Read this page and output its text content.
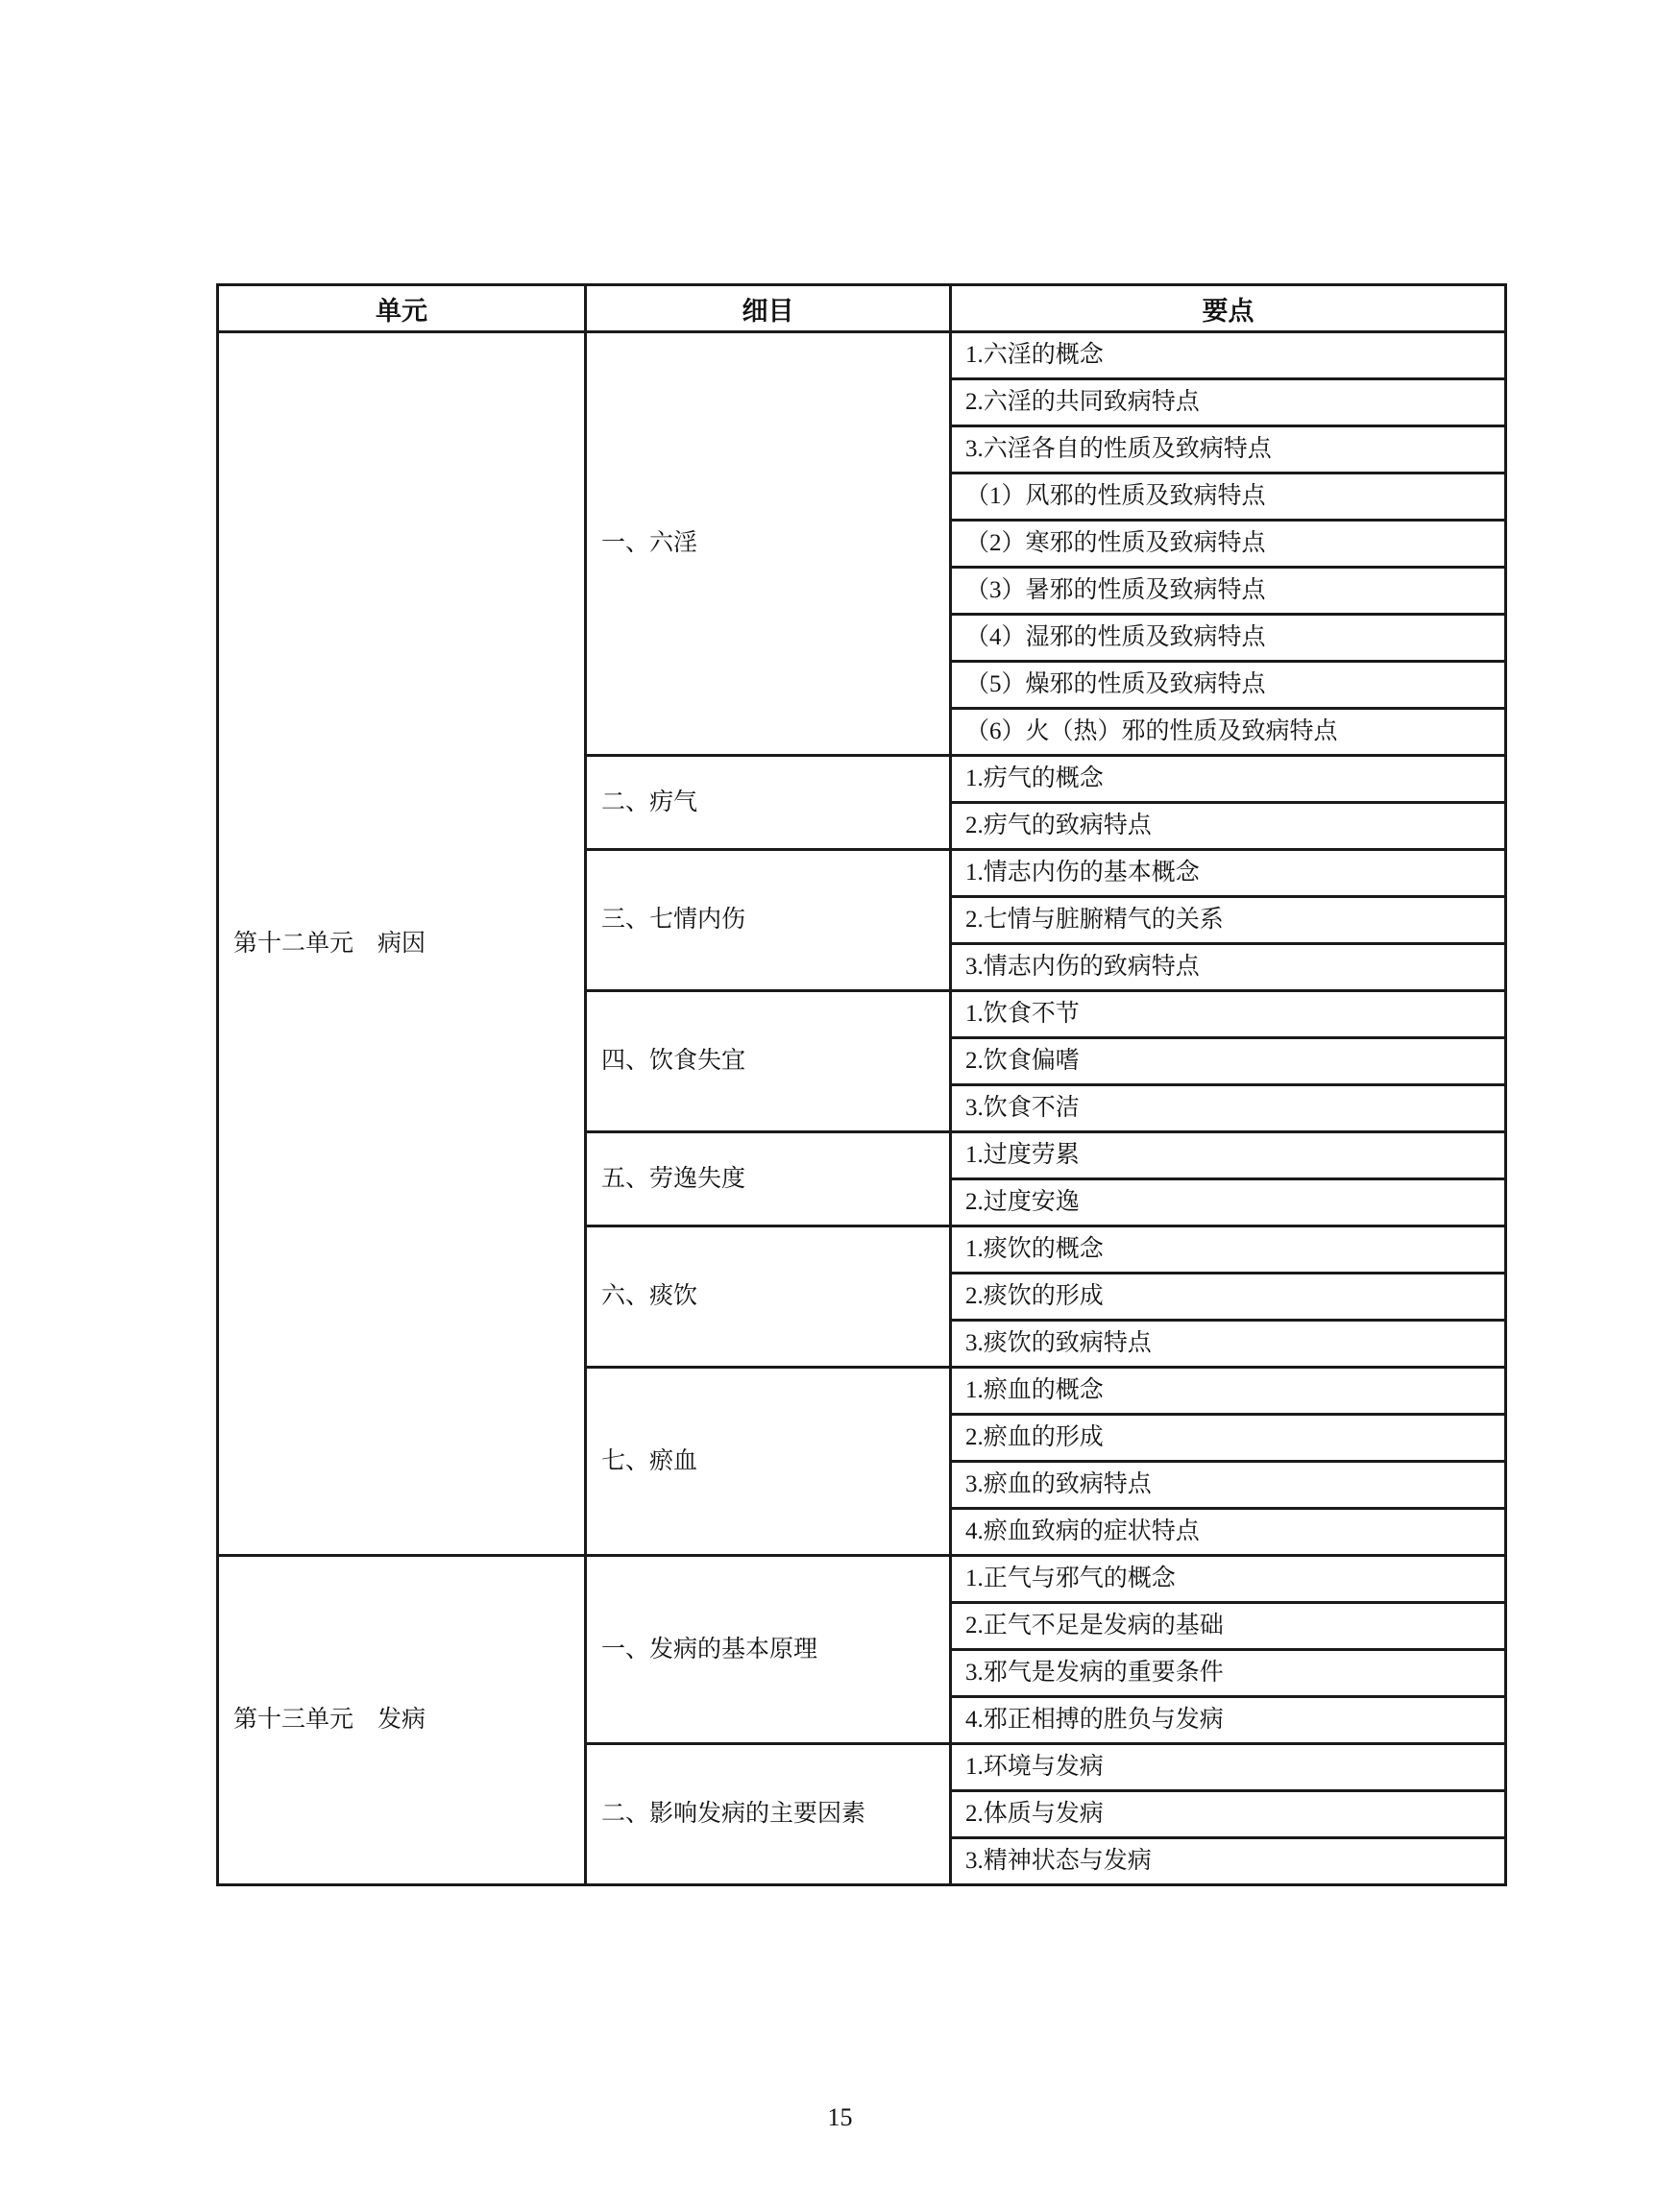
单元	细目	要点
第十二单元　病因	一、六淫	1.六淫的概念
		2.六淫的共同致病特点
		3.六淫各自的性质及致病特点
		（1）风邪的性质及致病特点
		（2）寒邪的性质及致病特点
		（3）暑邪的性质及致病特点
		（4）湿邪的性质及致病特点
		（5）燥邪的性质及致病特点
		（6）火（热）邪的性质及致病特点
	二、疠气	1.疠气的概念
		2.疠气的致病特点
	三、七情内伤	1.情志内伤的基本概念
		2.七情与脏腑精气的关系
		3.情志内伤的致病特点
	四、饮食失宜	1.饮食不节
		2.饮食偏嗜
		3.饮食不洁
	五、劳逸失度	1.过度劳累
		2.过度安逸
	六、痰饮	1.痰饮的概念
		2.痰饮的形成
		3.痰饮的致病特点
	七、瘀血	1.瘀血的概念
		2.瘀血的形成
		3.瘀血的致病特点
		4.瘀血致病的症状特点
第十三单元　发病	一、发病的基本原理	1.正气与邪气的概念
		2.正气不足是发病的基础
		3.邪气是发病的重要条件
		4.邪正相搏的胜负与发病
	二、影响发病的主要因素	1.环境与发病
		2.体质与发病
		3.精神状态与发病
15
